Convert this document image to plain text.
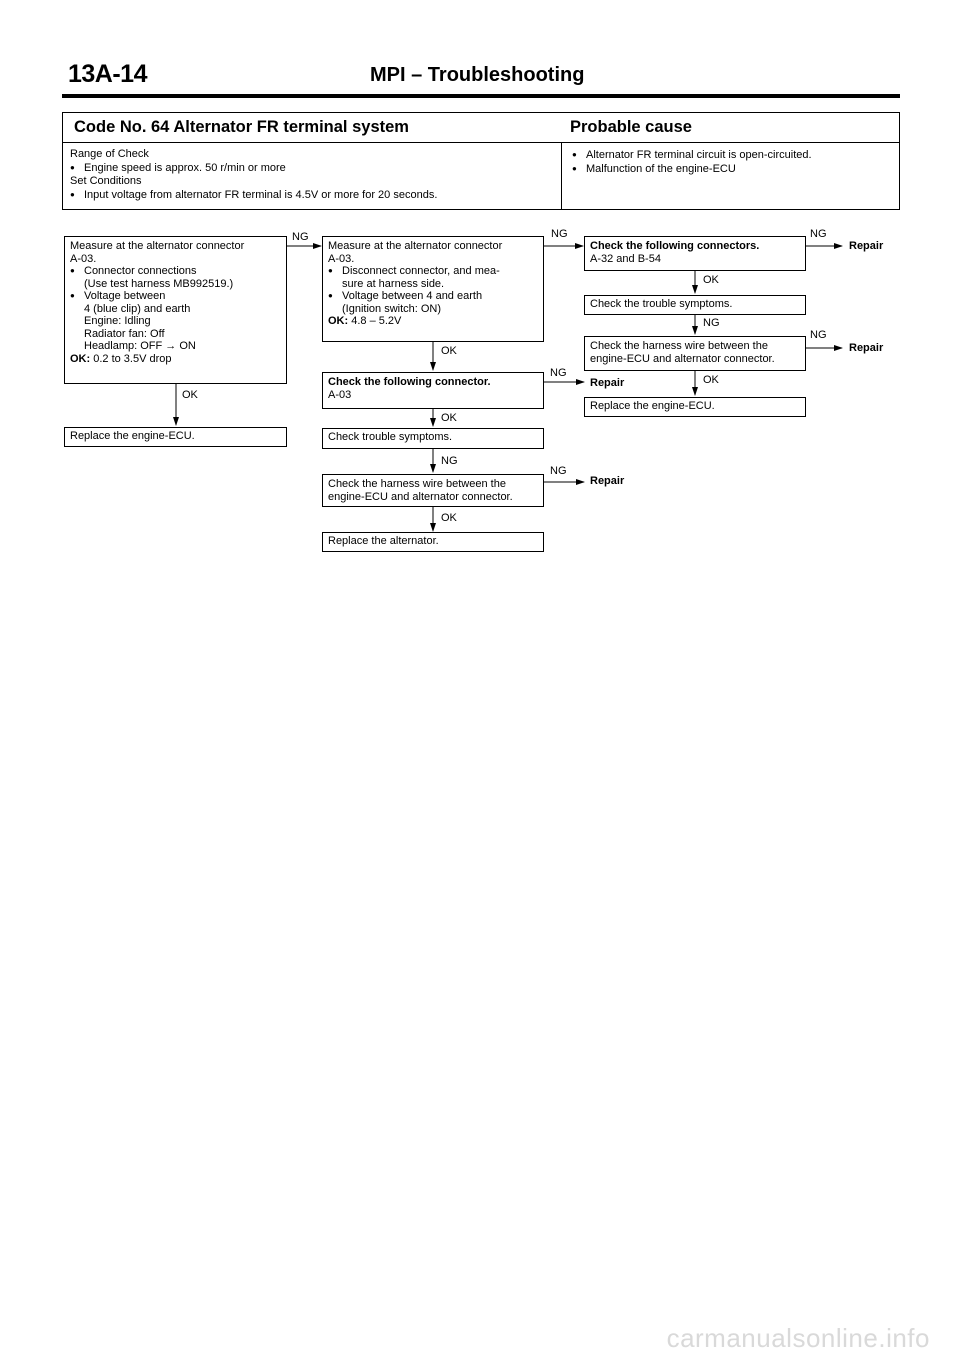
13A-14	MPI – Troubleshooting
Code No. 64 Alternator FR terminal system	Probable cause
Range of Check
● Engine speed is approx. 50 r/min or more
Set Conditions
● Input voltage from alternator FR terminal is 4.5V or more for 20 seconds.
● Alternator FR terminal circuit is open-circuited.
● Malfunction of the engine-ECU
Measure at the alternator connector
A-03.
● Connector connections
(Use test harness MB992519.)
● Voltage between
4 (blue clip) and earth
Engine: Idling
Radiator fan: Off
Headlamp: OFF → ON
OK: 0.2 to 3.5V drop
OK
Replace the engine-ECU.
NG
Measure at the alternator connector
A-03.
● Disconnect connector, and mea-
sure at harness side.
● Voltage between 4 and earth
(Ignition switch: ON)
OK: 4.8 – 5.2V
OK
Check the following connector.
A-03
OK
Check trouble symptoms.
NG
Check the harness wire between the
engine-ECU and alternator connector.
OK
Replace the alternator.
NG
NG
Repair
NG
Repair
Check the following connectors.
A-32 and B-54
OK
Check the trouble symptoms.
NG
Check the harness wire between the
engine-ECU and alternator connector.
OK
Replace the engine-ECU.
NG
Repair
NG
Repair
carmanualsonline.info
